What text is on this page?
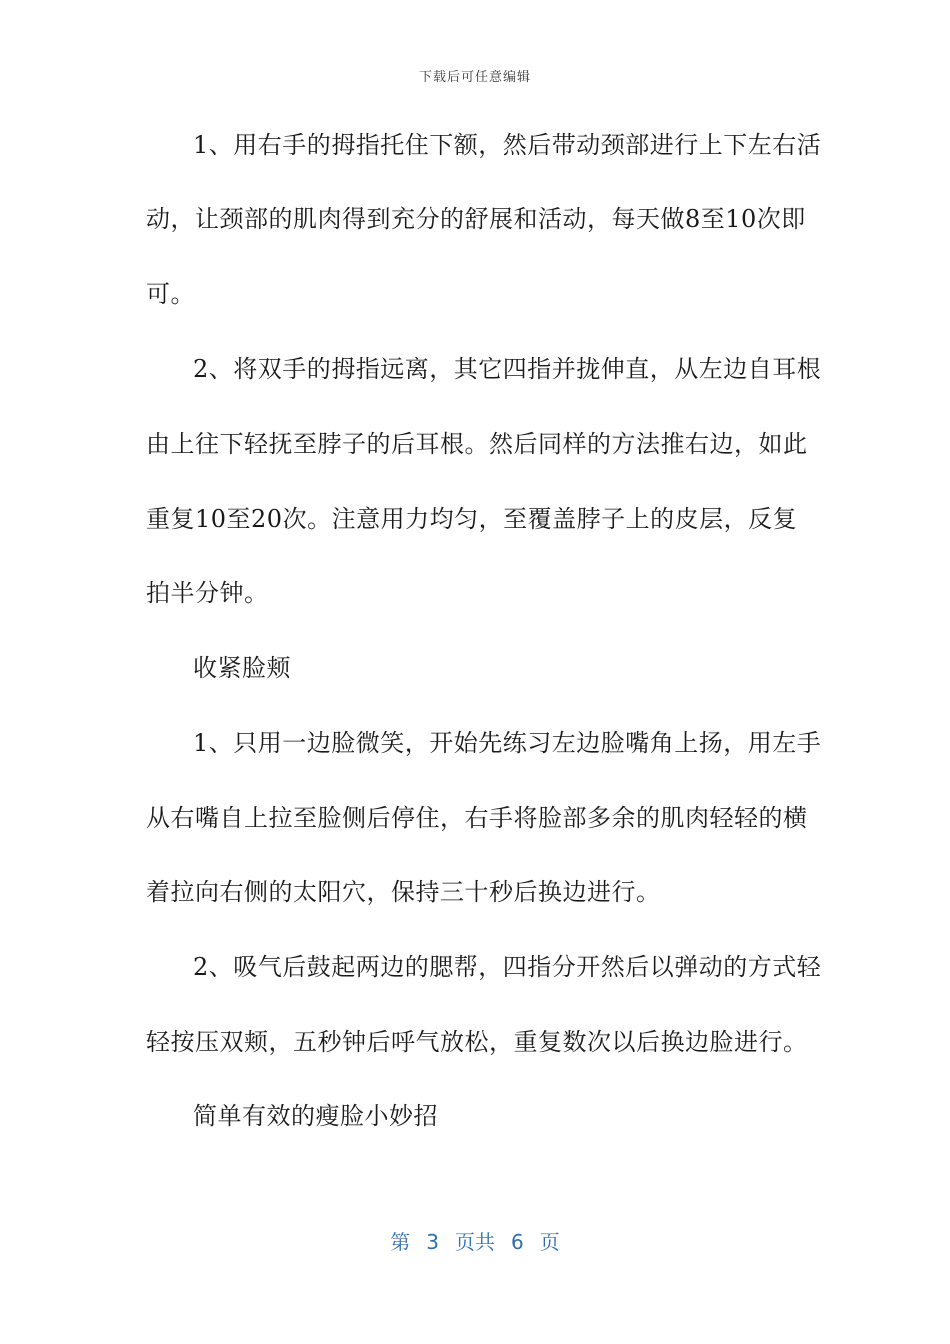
下载后可任意编辑
1、用右手的拇指托住下额，然后带动颈部进行上下左右活
动，让颈部的肌肉得到充分的舒展和活动，每天做8至10次即
可。
2、将双手的拇指远离，其它四指并拢伸直，从左边自耳根
由上往下轻抚至脖子的后耳根。然后同样的方法推右边，如此
重复10至20次。注意用力均匀，至覆盖脖子上的皮层，反复
拍半分钟。
收紧脸颊
1、只用一边脸微笑，开始先练习左边脸嘴角上扬，用左手
从右嘴自上拉至脸侧后停住，右手将脸部多余的肌肉轻轻的横
着拉向右侧的太阳穴，保持三十秒后换边进行。
2、吸气后鼓起两边的腮帮，四指分开然后以弹动的方式轻
轻按压双颊，五秒钟后呼气放松，重复数次以后换边脸进行。
简单有效的瘦脸小妙招
第 3 页共 6 页
